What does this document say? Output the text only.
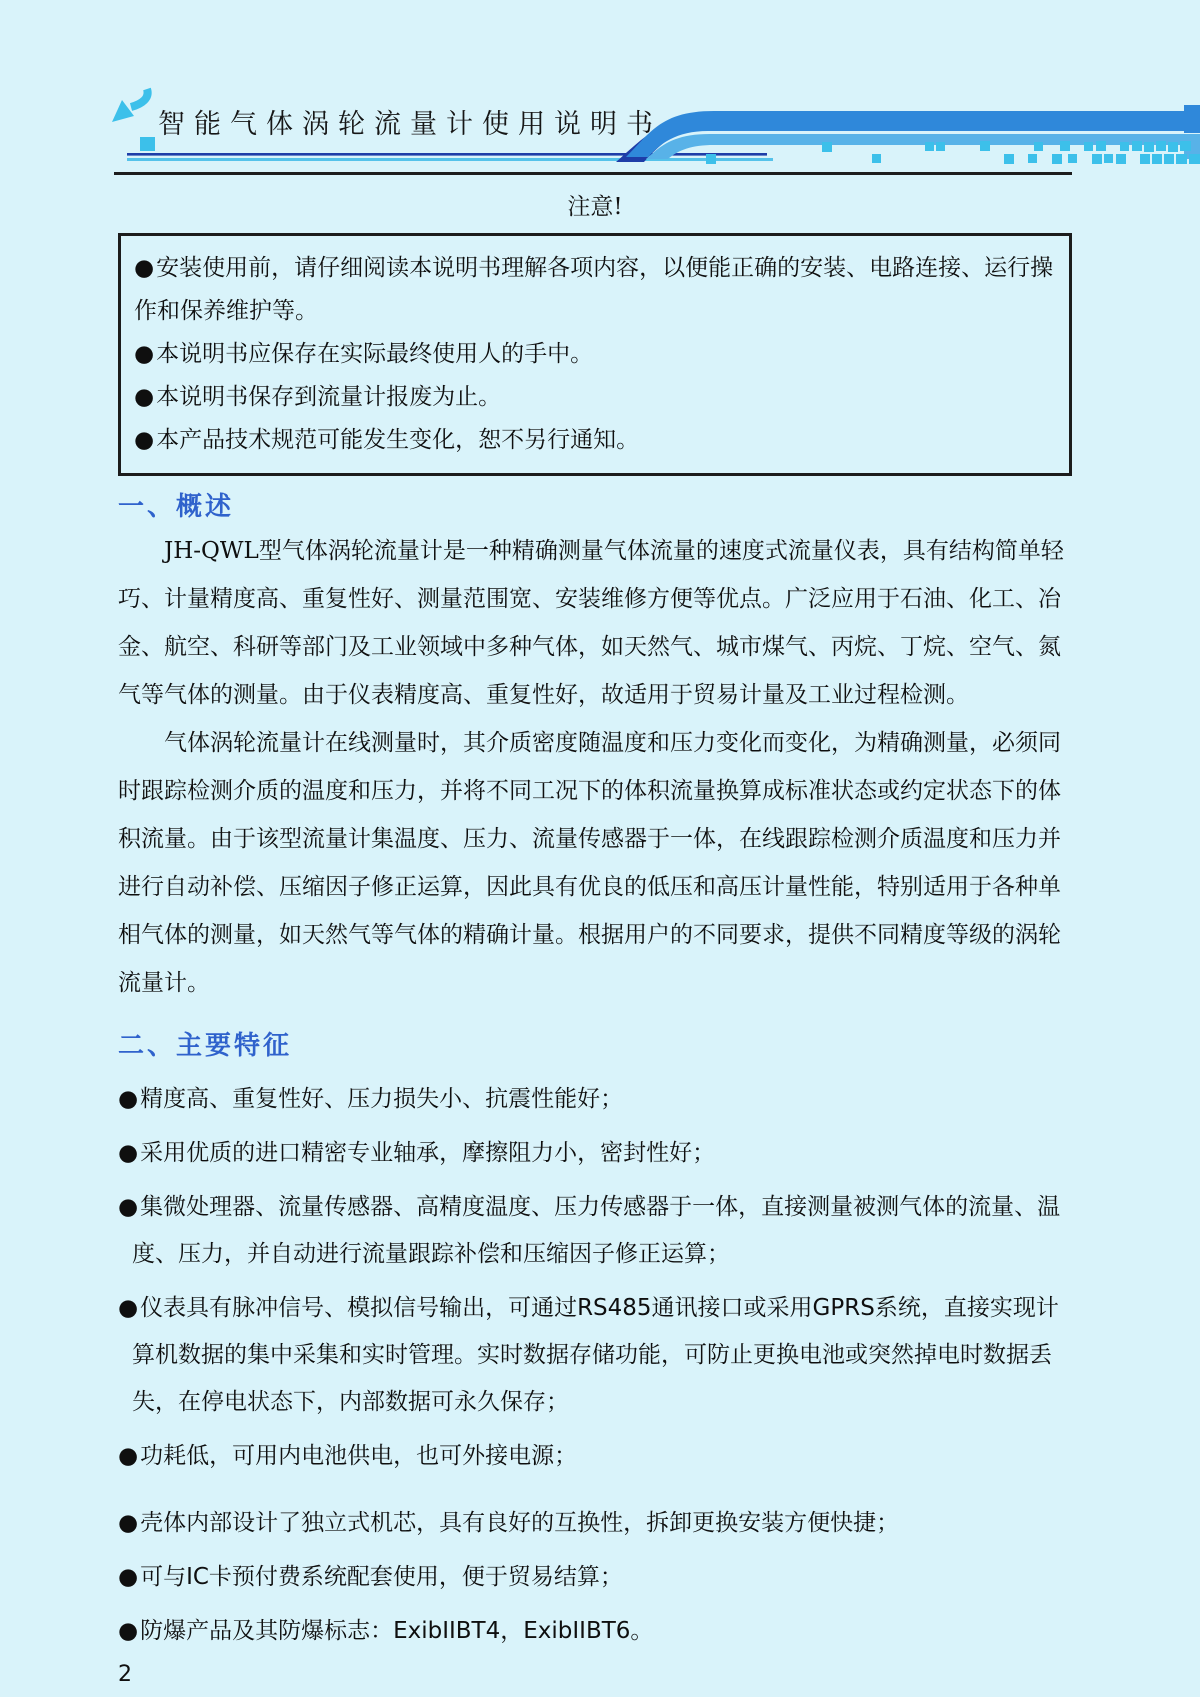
智能气体涡轮流量计使用说明书
注意!
●安装使用前，请仔细阅读本说明书理解各项内容，以便能正确的安装、电路连接、运行操作和保养维护等。
●本说明书应保存在实际最终使用人的手中。
●本说明书保存到流量计报废为止。
●本产品技术规范可能发生变化，恕不另行通知。
一、概述

JH-QWL型气体涡轮流量计是一种精确测量气体流量的速度式流量仪表，具有结构简单轻巧、计量精度高、重复性好、测量范围宽、安装维修方便等优点。广泛应用于石油、化工、冶金、航空、科研等部门及工业领域中多种气体，如天然气、城市煤气、丙烷、丁烷、空气、氮气等气体的测量。由于仪表精度高、重复性好，故适用于贸易计量及工业过程检测。

气体涡轮流量计在线测量时，其介质密度随温度和压力变化而变化，为精确测量，必须同时跟踪检测介质的温度和压力，并将不同工况下的体积流量换算成标准状态或约定状态下的体积流量。由于该型流量计集温度、压力、流量传感器于一体，在线跟踪检测介质温度和压力并进行自动补偿、压缩因子修正运算，因此具有优良的低压和高压计量性能，特别适用于各种单相气体的测量，如天然气等气体的精确计量。根据用户的不同要求，提供不同精度等级的涡轮流量计。

二、主要特征
●精度高、重复性好、压力损失小、抗震性能好；
●采用优质的进口精密专业轴承，摩擦阻力小，密封性好；
●集微处理器、流量传感器、高精度温度、压力传感器于一体，直接测量被测气体的流量、温度、压力，并自动进行流量跟踪补偿和压缩因子修正运算；
●仪表具有脉冲信号、模拟信号输出，可通过RS485通讯接口或采用GPRS系统，直接实现计算机数据的集中采集和实时管理。实时数据存储功能，可防止更换电池或突然掉电时数据丢失，在停电状态下，内部数据可永久保存；
●功耗低，可用内电池供电，也可外接电源；
●壳体内部设计了独立式机芯，具有良好的互换性，拆卸更换安装方便快捷；
●可与IC卡预付费系统配套使用，便于贸易结算；
●防爆产品及其防爆标志：ExibIIBT4，ExibIIBT6。
2
